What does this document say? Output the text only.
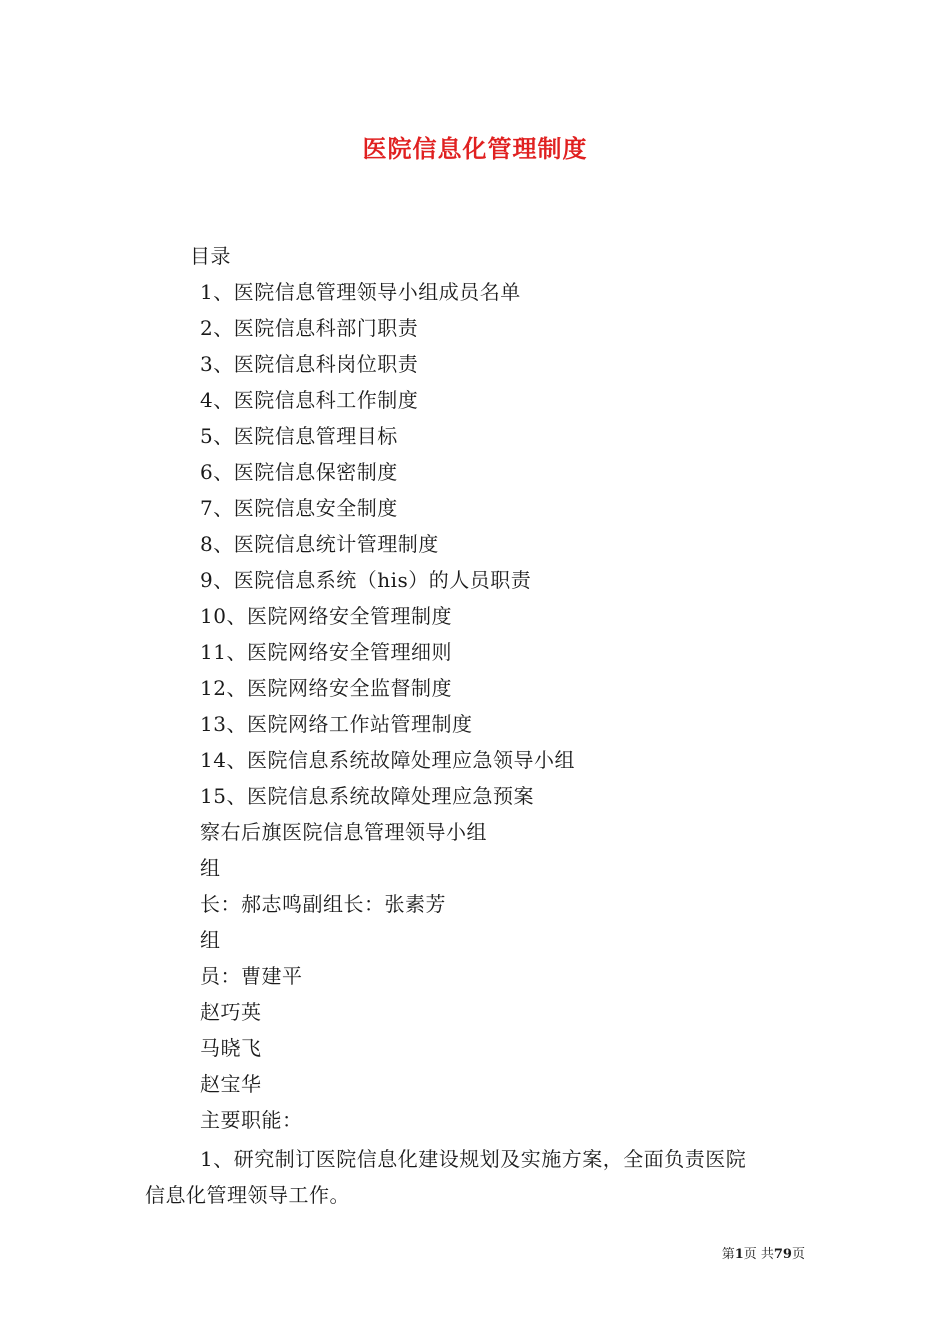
医院信息化管理制度
目录
1、医院信息管理领导小组成员名单
2、医院信息科部门职责
3、医院信息科岗位职责
4、医院信息科工作制度
5、医院信息管理目标
6、医院信息保密制度
7、医院信息安全制度
8、医院信息统计管理制度
9、医院信息系统（his）的人员职责
10、医院网络安全管理制度
11、医院网络安全管理细则
12、医院网络安全监督制度
13、医院网络工作站管理制度
14、医院信息系统故障处理应急领导小组
15、医院信息系统故障处理应急预案
察右后旗医院信息管理领导小组
组
长：郝志鸣副组长：张素芳
组
员：曹建平
赵巧英
马晓飞
赵宝华
主要职能：
1、研究制订医院信息化建设规划及实施方案，全面负责医院
信息化管理领导工作。
第1页 共79页
